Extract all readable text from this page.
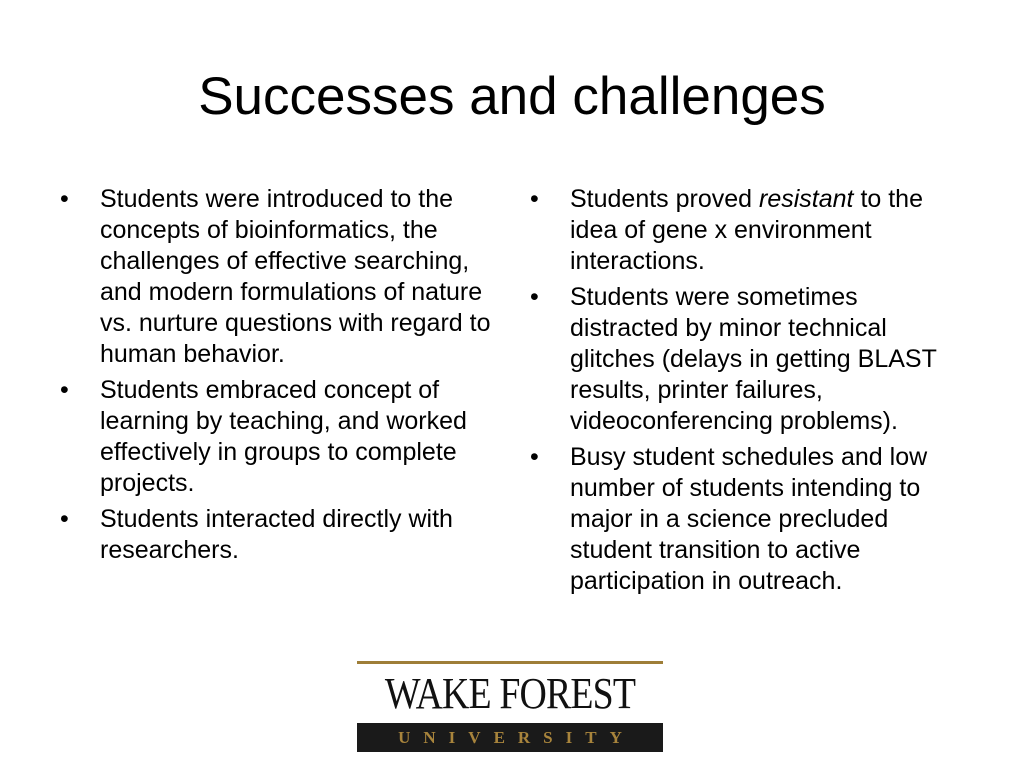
Successes and challenges
• Students were introduced to the concepts of bioinformatics, the challenges of effective searching, and modern formulations of nature vs. nurture questions with regard to human behavior.
• Students embraced concept of learning by teaching, and worked effectively in groups to complete projects.
• Students interacted directly with researchers.
• Students proved resistant to the idea of gene x environment interactions.
• Students were sometimes distracted by minor technical glitches (delays in getting BLAST results, printer failures, videoconferencing problems).
• Busy student schedules and low number of students intending to major in a science precluded student transition to active participation in outreach.
WAKE FOREST
UNIVERSITY
